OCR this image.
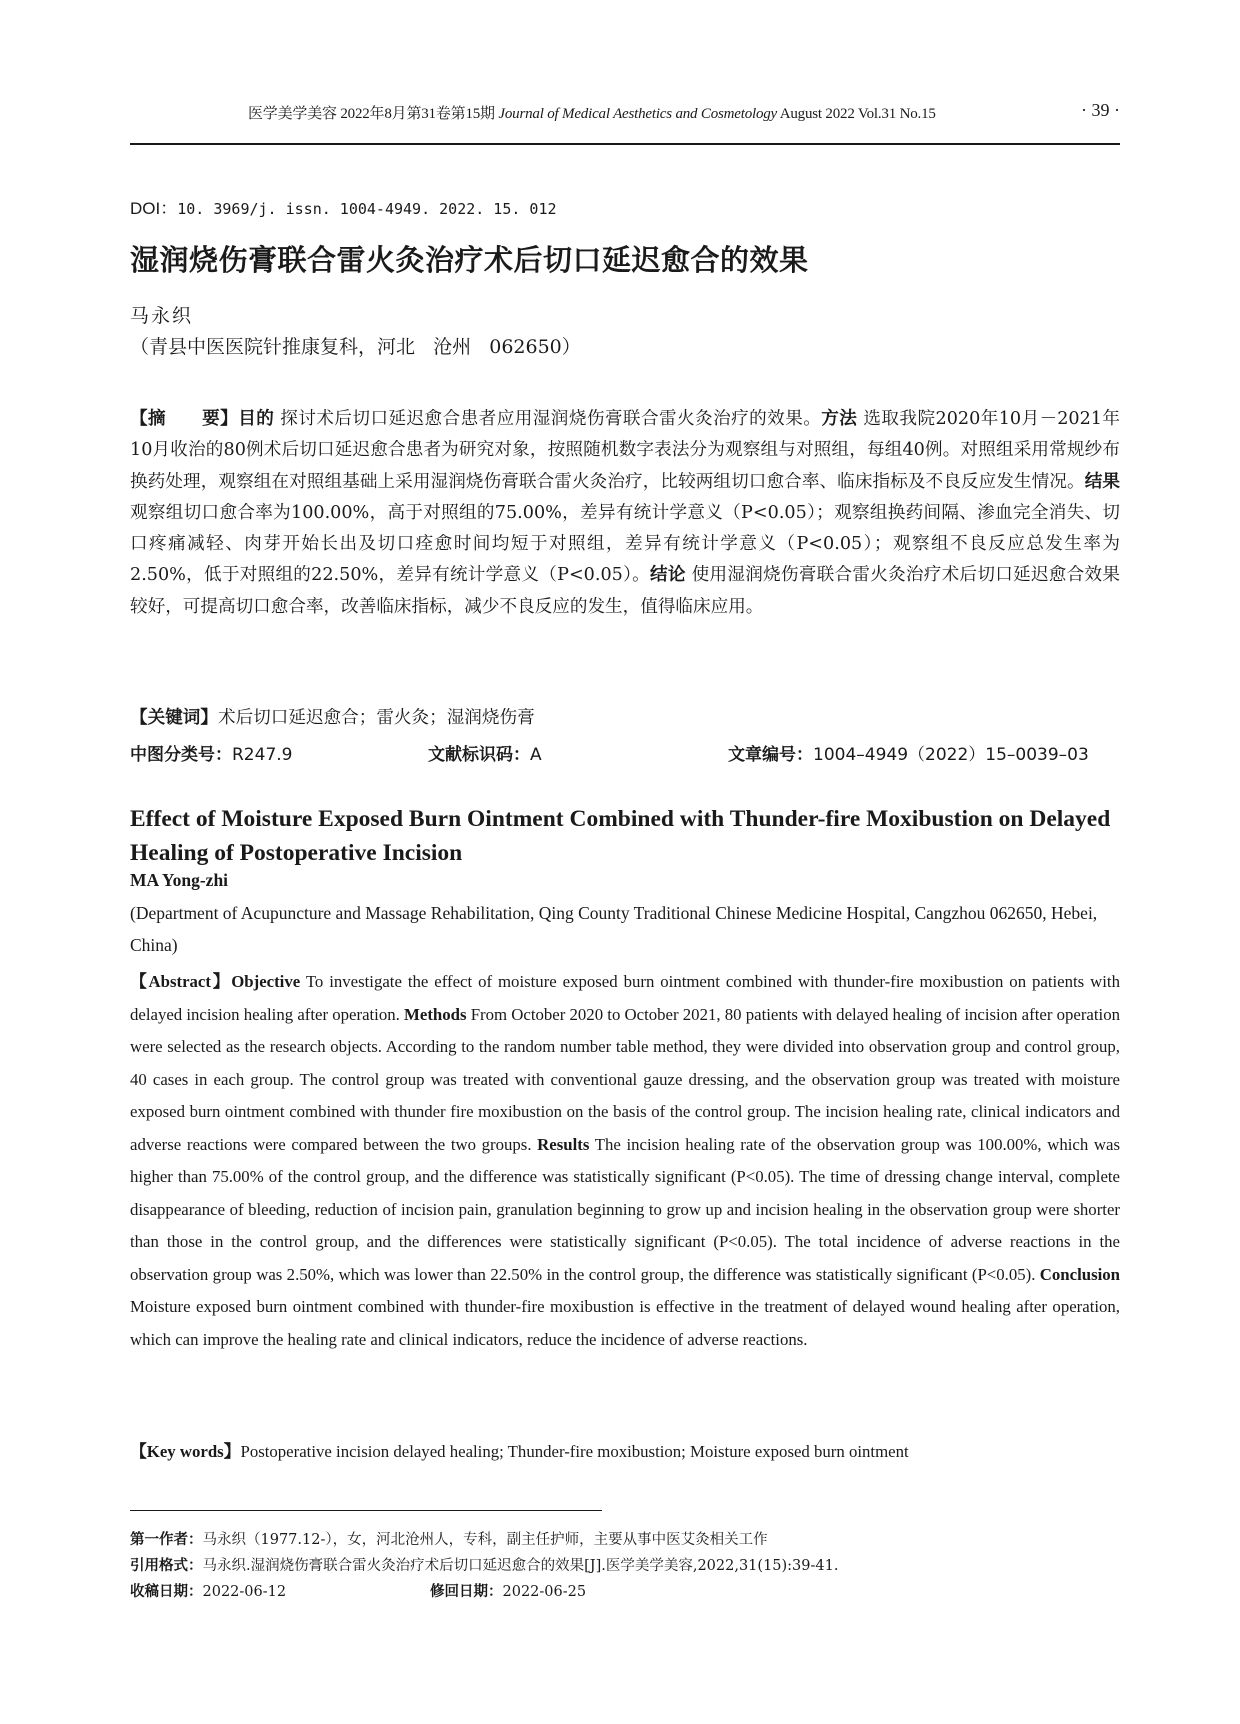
医学美学美容 2022年8月第31卷第15期 Journal of Medical Aesthetics and Cosmetology August 2022 Vol.31 No.15	· 39 ·
DOI：10. 3969/j. issn. 1004-4949. 2022. 15. 012
湿润烧伤膏联合雷火灸治疗术后切口延迟愈合的效果
马永织
（青县中医医院针推康复科，河北   沧州   062650）
【摘　　要】目的 探讨术后切口延迟愈合患者应用湿润烧伤膏联合雷火灸治疗的效果。方法 选取我院2020年10月－2021年10月收治的80例术后切口延迟愈合患者为研究对象，按照随机数字表法分为观察组与对照组，每组40例。对照组采用常规纱布换药处理，观察组在对照组基础上采用湿润烧伤膏联合雷火灸治疗，比较两组切口愈合率、临床指标及不良反应发生情况。结果 观察组切口愈合率为100.00%，高于对照组的75.00%，差异有统计学意义（P<0.05）；观察组换药间隔、渗血完全消失、切口疼痛减轻、肉芽开始长出及切口痊愈时间均短于对照组，差异有统计学意义（P<0.05）；观察组不良反应总发生率为2.50%，低于对照组的22.50%，差异有统计学意义（P<0.05）。结论 使用湿润烧伤膏联合雷火灸治疗术后切口延迟愈合效果较好，可提高切口愈合率，改善临床指标，减少不良反应的发生，值得临床应用。
【关键词】术后切口延迟愈合；雷火灸；湿润烧伤膏
中图分类号：R247.9	文献标识码：A	文章编号：1004–4949（2022）15–0039–03
Effect of Moisture Exposed Burn Ointment Combined with Thunder-fire Moxibustion on Delayed Healing of Postoperative Incision
MA Yong-zhi
(Department of Acupuncture and Massage Rehabilitation, Qing County Traditional Chinese Medicine Hospital, Cangzhou 062650, Hebei, China)
【Abstract】Objective To investigate the effect of moisture exposed burn ointment combined with thunder-fire moxibustion on patients with delayed incision healing after operation. Methods From October 2020 to October 2021, 80 patients with delayed healing of incision after operation were selected as the research objects. According to the random number table method, they were divided into observation group and control group, 40 cases in each group. The control group was treated with conventional gauze dressing, and the observation group was treated with moisture exposed burn ointment combined with thunder fire moxibustion on the basis of the control group. The incision healing rate, clinical indicators and adverse reactions were compared between the two groups. Results The incision healing rate of the observation group was 100.00%, which was higher than 75.00% of the control group, and the difference was statistically significant (P<0.05). The time of dressing change interval, complete disappearance of bleeding, reduction of incision pain, granulation beginning to grow up and incision healing in the observation group were shorter than those in the control group, and the differences were statistically significant (P<0.05). The total incidence of adverse reactions in the observation group was 2.50%, which was lower than 22.50% in the control group, the difference was statistically significant (P<0.05). Conclusion Moisture exposed burn ointment combined with thunder-fire moxibustion is effective in the treatment of delayed wound healing after operation, which can improve the healing rate and clinical indicators, reduce the incidence of adverse reactions.
【Key words】Postoperative incision delayed healing; Thunder-fire moxibustion; Moisture exposed burn ointment
第一作者：马永织（1977.12-），女，河北沧州人，专科，副主任护师，主要从事中医艾灸相关工作
引用格式：马永织.湿润烧伤膏联合雷火灸治疗术后切口延迟愈合的效果[J].医学美学美容,2022,31(15):39-41.
收稿日期：2022-06-12	修回日期：2022-06-25
